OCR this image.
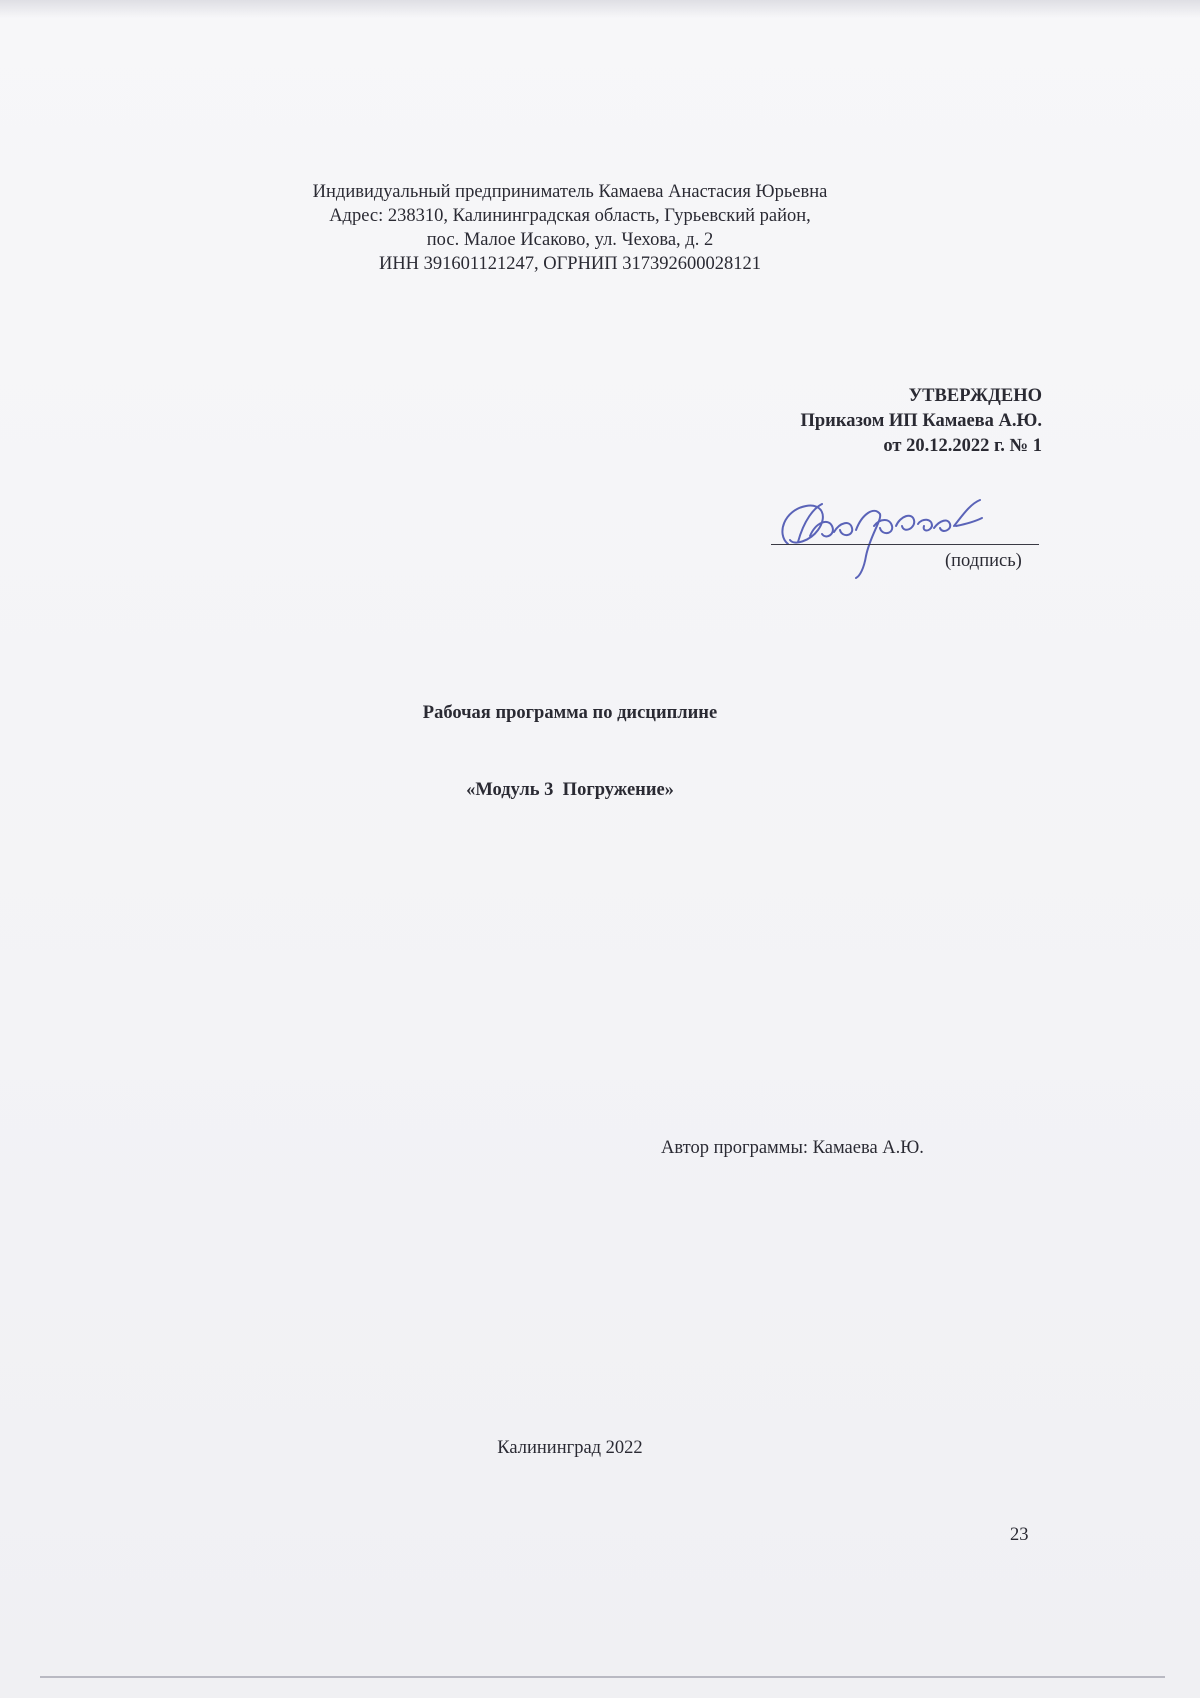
Индивидуальный предприниматель Камаева Анастасия Юрьевна
Адрес: 238310, Калининградская область, Гурьевский район,
пос. Малое Исаково, ул. Чехова, д. 2
ИНН 391601121247, ОГРНИП 317392600028121
УТВЕРЖДЕНО
Приказом ИП Камаева А.Ю.
от 20.12.2022 г. № 1
(подпись)
Рабочая программа по дисциплине
«Модуль 3  Погружение»
Автор программы: Камаева А.Ю.
Калининград 2022
23
